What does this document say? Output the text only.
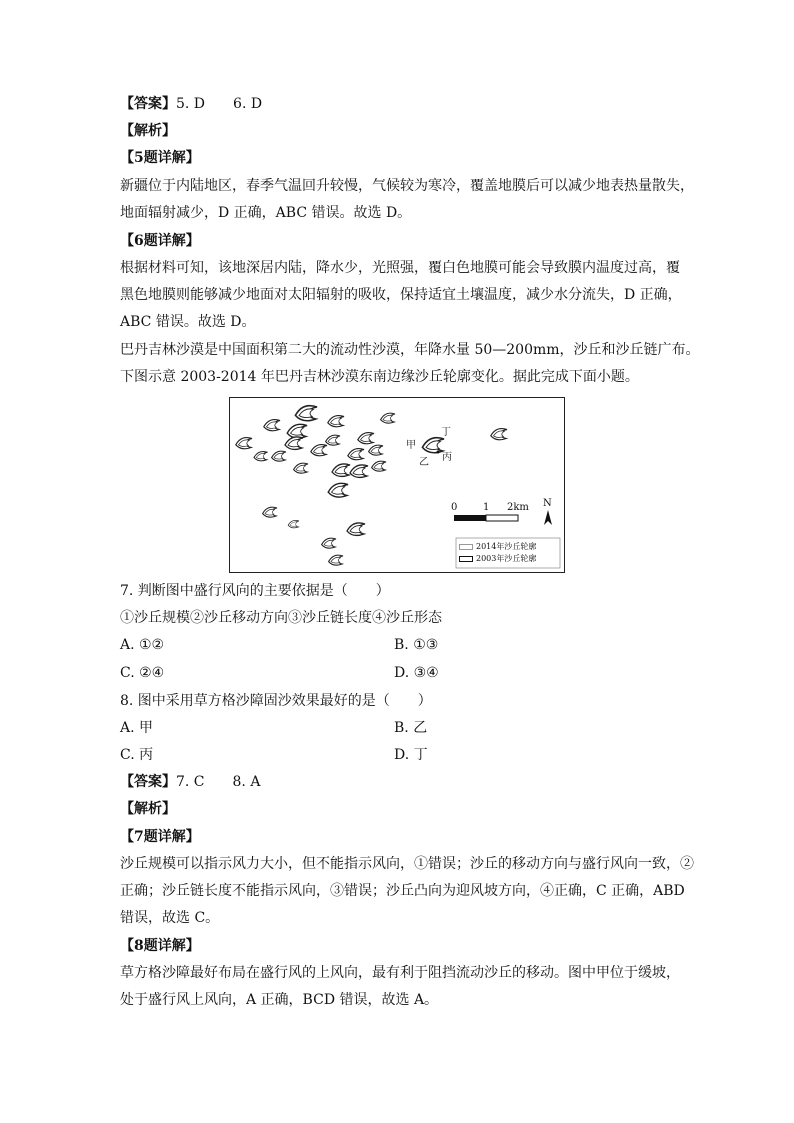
【答案】5. D　　6. D
【解析】
【5题详解】
新疆位于内陆地区，春季气温回升较慢，气候较为寒冷，覆盖地膜后可以减少地表热量散失，
地面辐射减少，D 正确，ABC 错误。故选 D。
【6题详解】
根据材料可知，该地深居内陆，降水少，光照强，覆白色地膜可能会导致膜内温度过高，覆
黑色地膜则能够减少地面对太阳辐射的吸收，保持适宜土壤温度，减少水分流失，D 正确，
ABC 错误。故选 D。
巴丹吉林沙漠是中国面积第二大的流动性沙漠，年降水量 50—200mm，沙丘和沙丘链广布。
下图示意 2003-2014 年巴丹吉林沙漠东南边缘沙丘轮廓变化。据此完成下面小题。
甲
乙 丙
丁
0	1 2km N
2014年沙丘轮廓
2003年沙丘轮廓
7. 判断图中盛行风向的主要依据是（　　）
①沙丘规模②沙丘移动方向③沙丘链长度④沙丘形态
A. ①②	B. ①③
C. ②④	D. ③④
8. 图中采用草方格沙障固沙效果最好的是（　　）
A. 甲	B. 乙
C. 丙	D. 丁
【答案】7. C　　8. A
【解析】
【7题详解】
沙丘规模可以指示风力大小，但不能指示风向，①错误；沙丘的移动方向与盛行风向一致，②
正确；沙丘链长度不能指示风向，③错误；沙丘凸向为迎风坡方向，④正确，C 正确，ABD
错误，故选 C。
【8题详解】
草方格沙障最好布局在盛行风的上风向，最有利于阻挡流动沙丘的移动。图中甲位于缓坡，
处于盛行风上风向，A 正确，BCD 错误，故选 A。
